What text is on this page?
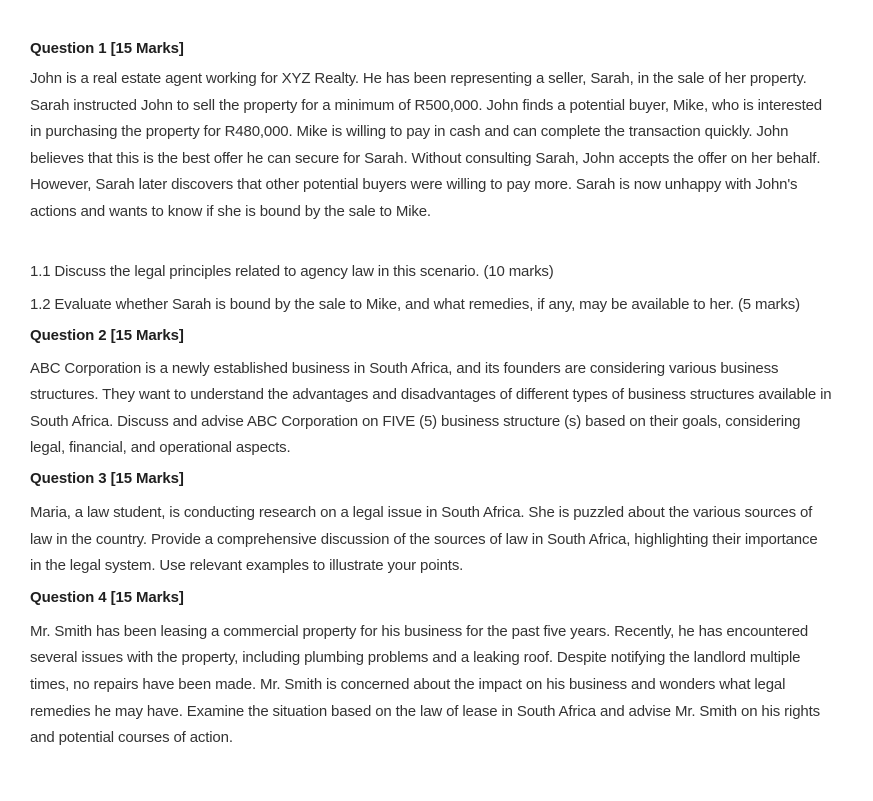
Question 1 [15 Marks]
John is a real estate agent working for XYZ Realty. He has been representing a seller, Sarah, in the sale of her property.
Sarah instructed John to sell the property for a minimum of R500,000. John finds a potential buyer, Mike, who is interested
in purchasing the property for R480,000. Mike is willing to pay in cash and can complete the transaction quickly. John
believes that this is the best offer he can secure for Sarah. Without consulting Sarah, John accepts the offer on her behalf.
However, Sarah later discovers that other potential buyers were willing to pay more. Sarah is now unhappy with John's
actions and wants to know if she is bound by the sale to Mike.
1.1 Discuss the legal principles related to agency law in this scenario. (10 marks)
1.2 Evaluate whether Sarah is bound by the sale to Mike, and what remedies, if any, may be available to her. (5 marks)
Question 2 [15 Marks]
ABC Corporation is a newly established business in South Africa, and its founders are considering various business
structures. They want to understand the advantages and disadvantages of different types of business structures available in
South Africa. Discuss and advise ABC Corporation on FIVE (5) business structure (s) based on their goals, considering
legal, financial, and operational aspects.
Question 3 [15 Marks]
Maria, a law student, is conducting research on a legal issue in South Africa. She is puzzled about the various sources of
law in the country. Provide a comprehensive discussion of the sources of law in South Africa, highlighting their importance
in the legal system. Use relevant examples to illustrate your points.
Question 4 [15 Marks]
Mr. Smith has been leasing a commercial property for his business for the past five years. Recently, he has encountered
several issues with the property, including plumbing problems and a leaking roof. Despite notifying the landlord multiple
times, no repairs have been made. Mr. Smith is concerned about the impact on his business and wonders what legal
remedies he may have. Examine the situation based on the law of lease in South Africa and advise Mr. Smith on his rights
and potential courses of action.
